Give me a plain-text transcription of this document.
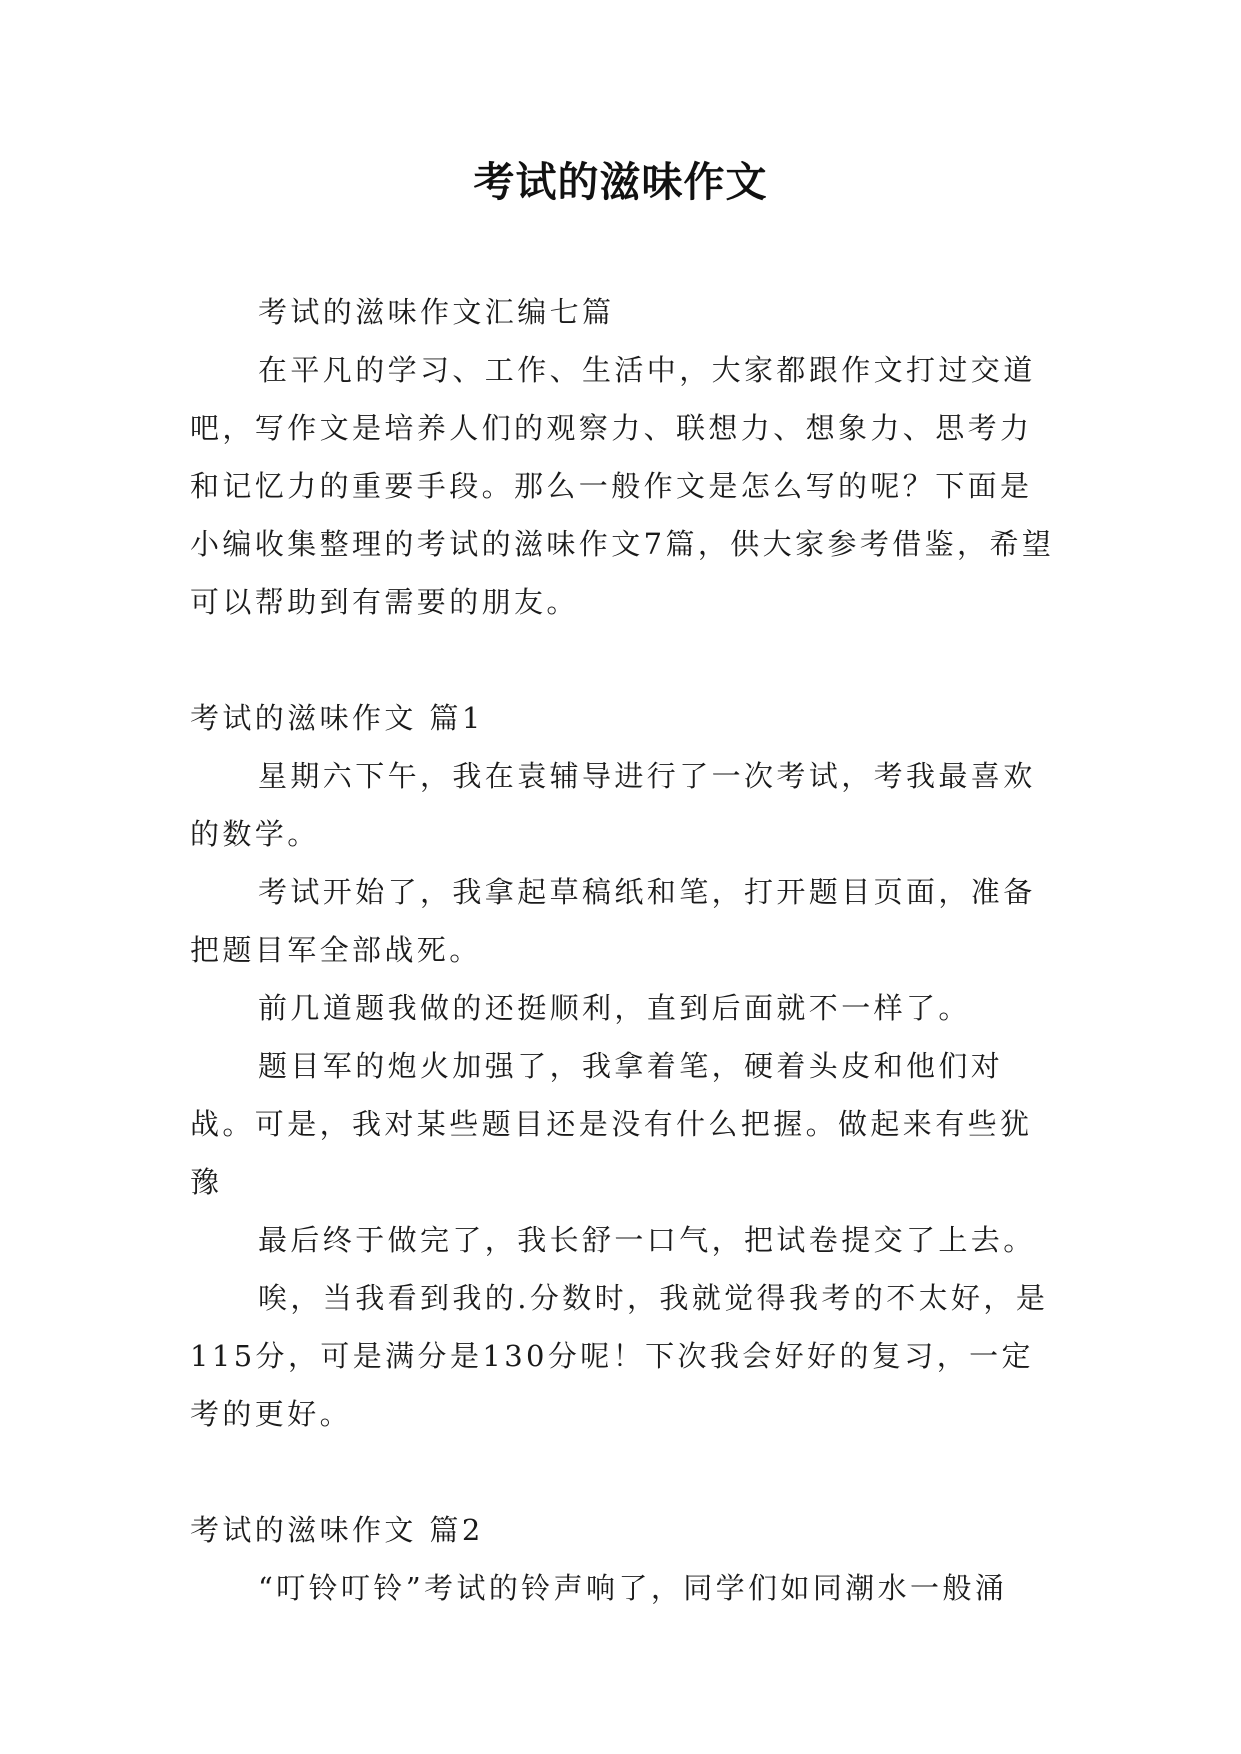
考试的滋味作文

考试的滋味作文汇编七篇

在平凡的学习、工作、生活中，大家都跟作文打过交道吧，写作文是培养人们的观察力、联想力、想象力、思考力和记忆力的重要手段。那么一般作文是怎么写的呢？下面是小编收集整理的考试的滋味作文7篇，供大家参考借鉴，希望可以帮助到有需要的朋友。

考试的滋味作文 篇1

星期六下午，我在袁辅导进行了一次考试，考我最喜欢的数学。

考试开始了，我拿起草稿纸和笔，打开题目页面，准备把题目军全部战死。

前几道题我做的还挺顺利，直到后面就不一样了。

题目军的炮火加强了，我拿着笔，硬着头皮和他们对战。可是，我对某些题目还是没有什么把握。做起来有些犹豫

最后终于做完了，我长舒一口气，把试卷提交了上去。

唉，当我看到我的.分数时，我就觉得我考的不太好，是115分，可是满分是130分呢！下次我会好好的复习，一定考的更好。

考试的滋味作文 篇2

“叮铃叮铃”考试的铃声响了，同学们如同潮水一般涌
